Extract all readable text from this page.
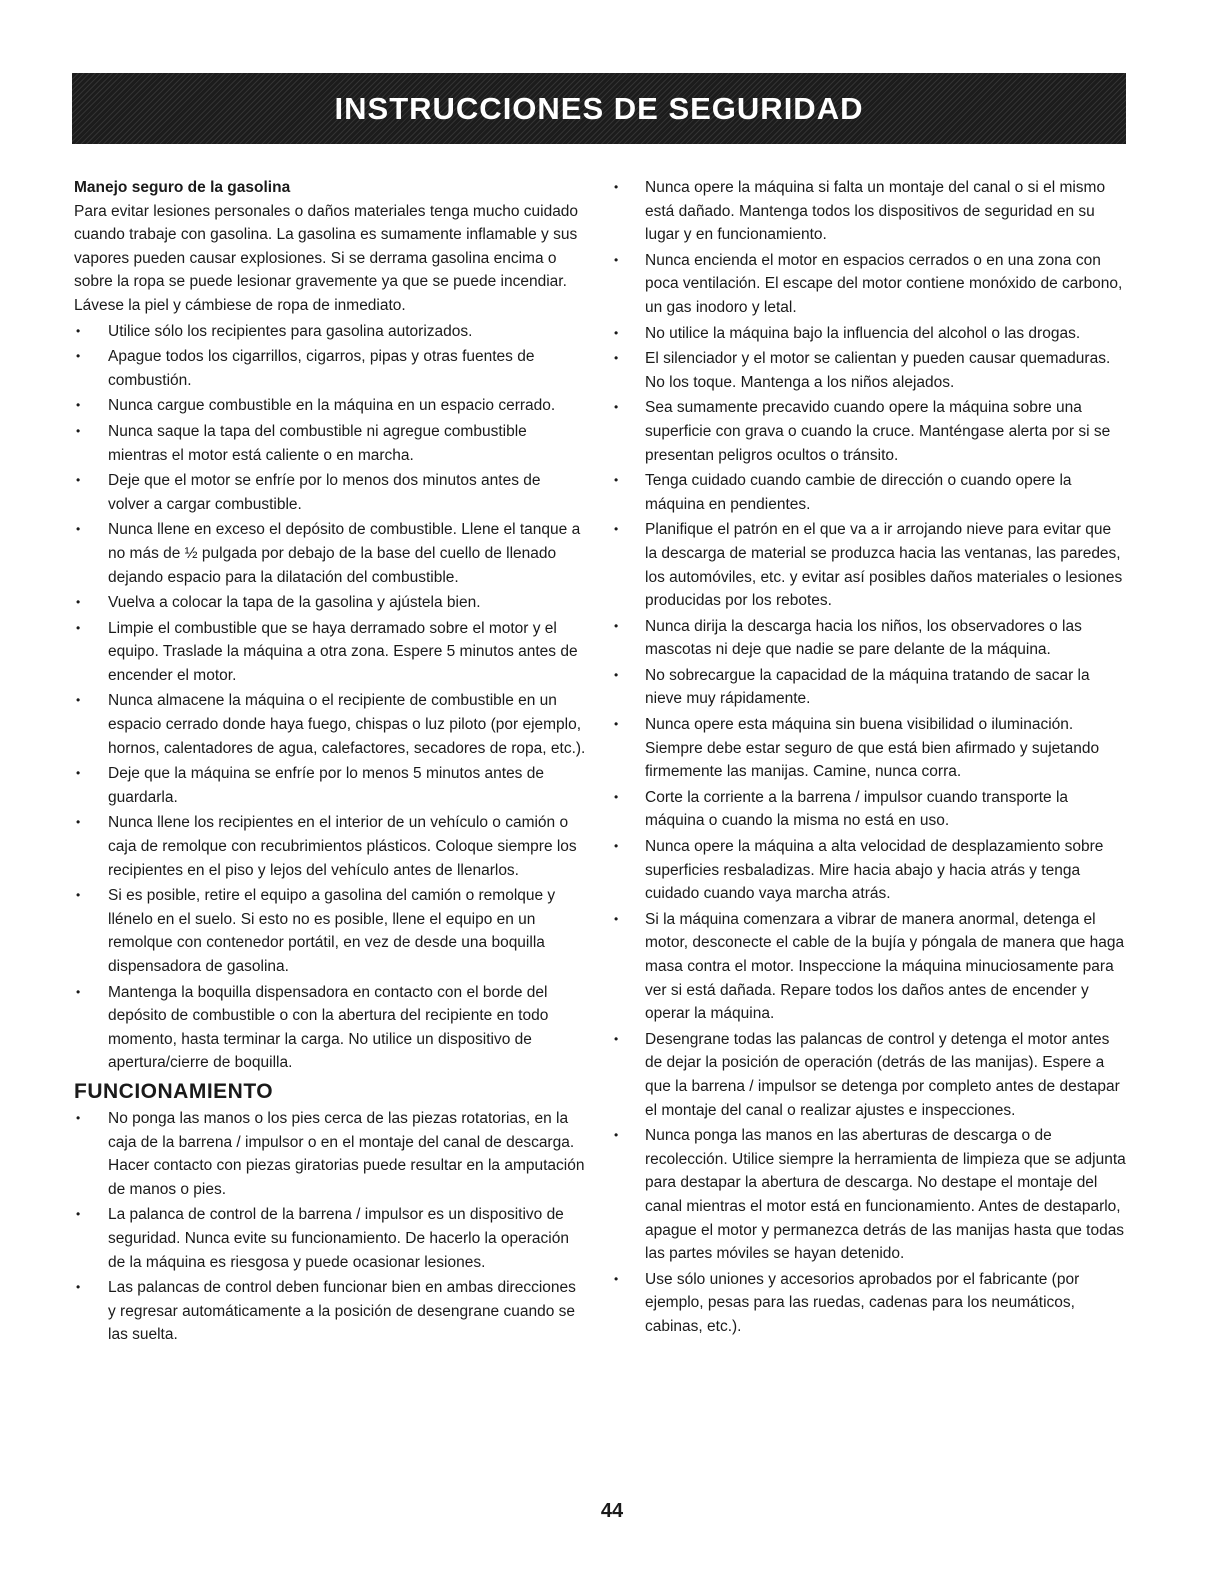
INSTRUCCIONES DE SEGURIDAD
Manejo seguro de la gasolina

Para evitar lesiones personales o daños materiales tenga mucho cuidado cuando trabaje con gasolina. La gasolina es sumamente inflamable y sus vapores pueden causar explosiones. Si se derrama gasolina encima o sobre la ropa se puede lesionar gravemente ya que se puede incendiar. Lávese la piel y cámbiese de ropa de inmediato.

• Utilice sólo los recipientes para gasolina autorizados.
• Apague todos los cigarrillos, cigarros, pipas y otras fuentes de combustión.
• Nunca cargue combustible en la máquina en un espacio cerrado.
• Nunca saque la tapa del combustible ni agregue combustible mientras el motor está caliente o en marcha.
• Deje que el motor se enfríe por lo menos dos minutos antes de volver a cargar combustible.
• Nunca llene en exceso el depósito de combustible. Llene el tanque a no más de ½ pulgada por debajo de la base del cuello de llenado dejando espacio para la dilatación del combustible.
• Vuelva a colocar la tapa de la gasolina y ajústela bien.
• Limpie el combustible que se haya derramado sobre el motor y el equipo. Traslade la máquina a otra zona. Espere 5 minutos antes de encender el motor.
• Nunca almacene la máquina o el recipiente de combustible en un espacio cerrado donde haya fuego, chispas o luz piloto (por ejemplo, hornos, calentadores de agua, calefactores, secadores de ropa, etc.).
• Deje que la máquina se enfríe por lo menos 5 minutos antes de guardarla.
• Nunca llene los recipientes en el interior de un vehículo o camión o caja de remolque con recubrimientos plásticos. Coloque siempre los recipientes en el piso y lejos del vehículo antes de llenarlos.
• Si es posible, retire el equipo a gasolina del camión o remolque y llénelo en el suelo. Si esto no es posible, llene el equipo en un remolque con contenedor portátil, en vez de desde una boquilla dispensadora de gasolina.
• Mantenga la boquilla dispensadora en contacto con el borde del depósito de combustible o con la abertura del recipiente en todo momento, hasta terminar la carga. No utilice un dispositivo de apertura/cierre de boquilla.
FUNCIONAMIENTO
• No ponga las manos o los pies cerca de las piezas rotatorias, en la caja de la barrena / impulsor o en el montaje del canal de descarga. Hacer contacto con piezas giratorias puede resultar en la amputación de manos o pies.
• La palanca de control de la barrena / impulsor es un dispositivo de seguridad. Nunca evite su funcionamiento. De hacerlo la operación de la máquina es riesgosa y puede ocasionar lesiones.
• Las palancas de control deben funcionar bien en ambas direcciones y regresar automáticamente a la posición de desengrane cuando se las suelta.
• Nunca opere la máquina si falta un montaje del canal o si el mismo está dañado. Mantenga todos los dispositivos de seguridad en su lugar y en funcionamiento.
• Nunca encienda el motor en espacios cerrados o en una zona con poca ventilación. El escape del motor contiene monóxido de carbono, un gas inodoro y letal.
• No utilice la máquina bajo la influencia del alcohol o las drogas.
• El silenciador y el motor se calientan y pueden causar quemaduras. No los toque. Mantenga a los niños alejados.
• Sea sumamente precavido cuando opere la máquina sobre una superficie con grava o cuando la cruce. Manténgase alerta por si se presentan peligros ocultos o tránsito.
• Tenga cuidado cuando cambie de dirección o cuando opere la máquina en pendientes.
• Planifique el patrón en el que va a ir arrojando nieve para evitar que la descarga de material se produzca hacia las ventanas, las paredes, los automóviles, etc. y evitar así posibles daños materiales o lesiones producidas por los rebotes.
• Nunca dirija la descarga hacia los niños, los observadores o las mascotas ni deje que nadie se pare delante de la máquina.
• No sobrecargue la capacidad de la máquina tratando de sacar la nieve muy rápidamente.
• Nunca opere esta máquina sin buena visibilidad o iluminación. Siempre debe estar seguro de que está bien afirmado y sujetando firmemente las manijas. Camine, nunca corra.
• Corte la corriente a la barrena / impulsor cuando transporte la máquina o cuando la misma no está en uso.
• Nunca opere la máquina a alta velocidad de desplazamiento sobre superficies resbaladizas. Mire hacia abajo y hacia atrás y tenga cuidado cuando vaya marcha atrás.
• Si la máquina comenzara a vibrar de manera anormal, detenga el motor, desconecte el cable de la bujía y póngala de manera que haga masa contra el motor. Inspeccione la máquina minuciosamente para ver si está dañada. Repare todos los daños antes de encender y operar la máquina.
• Desengrane todas las palancas de control y detenga el motor antes de dejar la posición de operación (detrás de las manijas). Espere a que la barrena / impulsor se detenga por completo antes de destapar el montaje del canal o realizar ajustes e inspecciones.
• Nunca ponga las manos en las aberturas de descarga o de recolección. Utilice siempre la herramienta de limpieza que se adjunta para destapar la abertura de descarga. No destape el montaje del canal mientras el motor está en funcionamiento. Antes de destaparlo, apague el motor y permanezca detrás de las manijas hasta que todas las partes móviles se hayan detenido.
• Use sólo uniones y accesorios aprobados por el fabricante (por ejemplo, pesas para las ruedas, cadenas para los neumáticos, cabinas, etc.).
44
